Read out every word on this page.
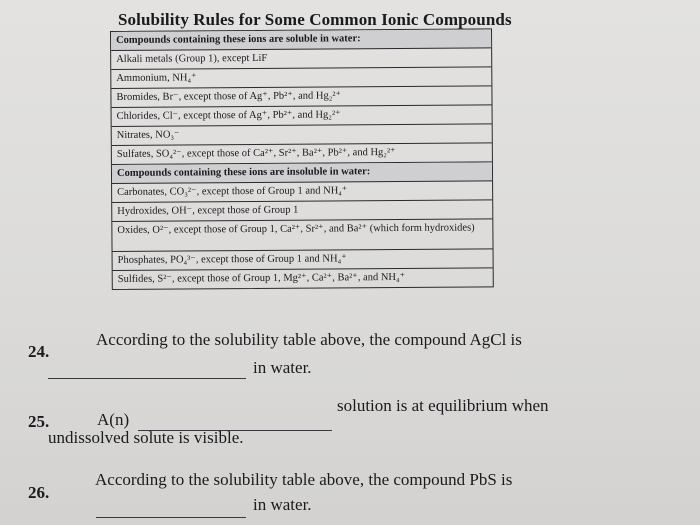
Solubility Rules for Some Common Ionic Compounds
Compounds containing these ions are soluble in water:
Alkali metals (Group 1), except LiF
Ammonium, NH₄⁺
Bromides, Br⁻, except those of Ag⁺, Pb²⁺, and Hg₂²⁺
Chlorides, Cl⁻, except those of Ag⁺, Pb²⁺, and Hg₂²⁺
Nitrates, NO₃⁻
Sulfates, SO₄²⁻, except those of Ca²⁺, Sr²⁺, Ba²⁺, Pb²⁺, and Hg₂²⁺
Compounds containing these ions are insoluble in water:
Carbonates, CO₃²⁻, except those of Group 1 and NH₄⁺
Hydroxides, OH⁻, except those of Group 1
Oxides, O²⁻, except those of Group 1, Ca²⁺, Sr²⁺, and Ba²⁺ (which form hydroxides)
Phosphates, PO₄³⁻, except those of Group 1 and NH₄⁺
Sulfides, S²⁻, except those of Group 1, Mg²⁺, Ca²⁺, Ba²⁺, and NH₄⁺
24.
According to the solubility table above, the compound AgCl is
in water.
25.	A(n)
solution is at equilibrium when
undissolved solute is visible.
26.
According to the solubility table above, the compound PbS is
in water.
